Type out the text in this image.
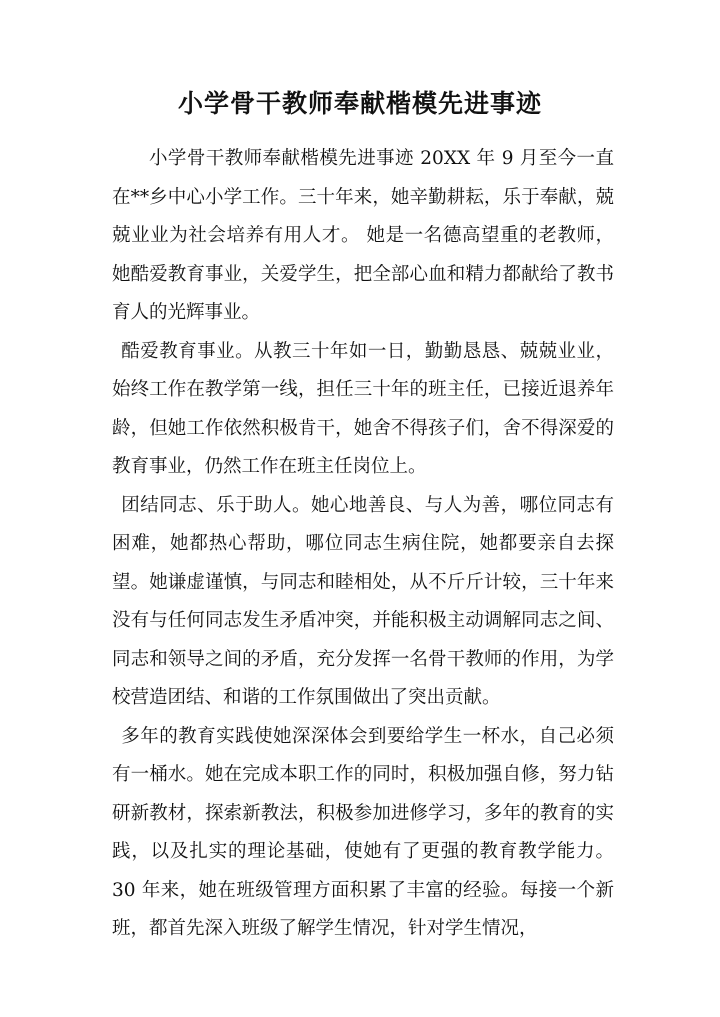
小学骨干教师奉献楷模先进事迹

小学骨干教师奉献楷模先进事迹 20XX 年 9 月至今一直在**乡中心小学工作。三十年来，她辛勤耕耘，乐于奉献，兢兢业业为社会培养有用人才。 她是一名德高望重的老教师，她酷爱教育事业，关爱学生，把全部心血和精力都献给了教书育人的光辉事业。

酷爱教育事业。从教三十年如一日，勤勤恳恳、兢兢业业，始终工作在教学第一线，担任三十年的班主任，已接近退养年龄，但她工作依然积极肯干，她舍不得孩子们，舍不得深爱的教育事业，仍然工作在班主任岗位上。

团结同志、乐于助人。她心地善良、与人为善，哪位同志有困难，她都热心帮助，哪位同志生病住院，她都要亲自去探望。她谦虚谨慎，与同志和睦相处，从不斤斤计较，三十年来没有与任何同志发生矛盾冲突，并能积极主动调解同志之间、同志和领导之间的矛盾，充分发挥一名骨干教师的作用，为学校营造团结、和谐的工作氛围做出了突出贡献。

多年的教育实践使她深深体会到要给学生一杯水，自己必须有一桶水。她在完成本职工作的同时，积极加强自修，努力钻研新教材，探索新教法，积极参加进修学习，多年的教育的实践，以及扎实的理论基础，使她有了更强的教育教学能力。30 年来，她在班级管理方面积累了丰富的经验。每接一个新班，都首先深入班级了解学生情况，针对学生情况，
